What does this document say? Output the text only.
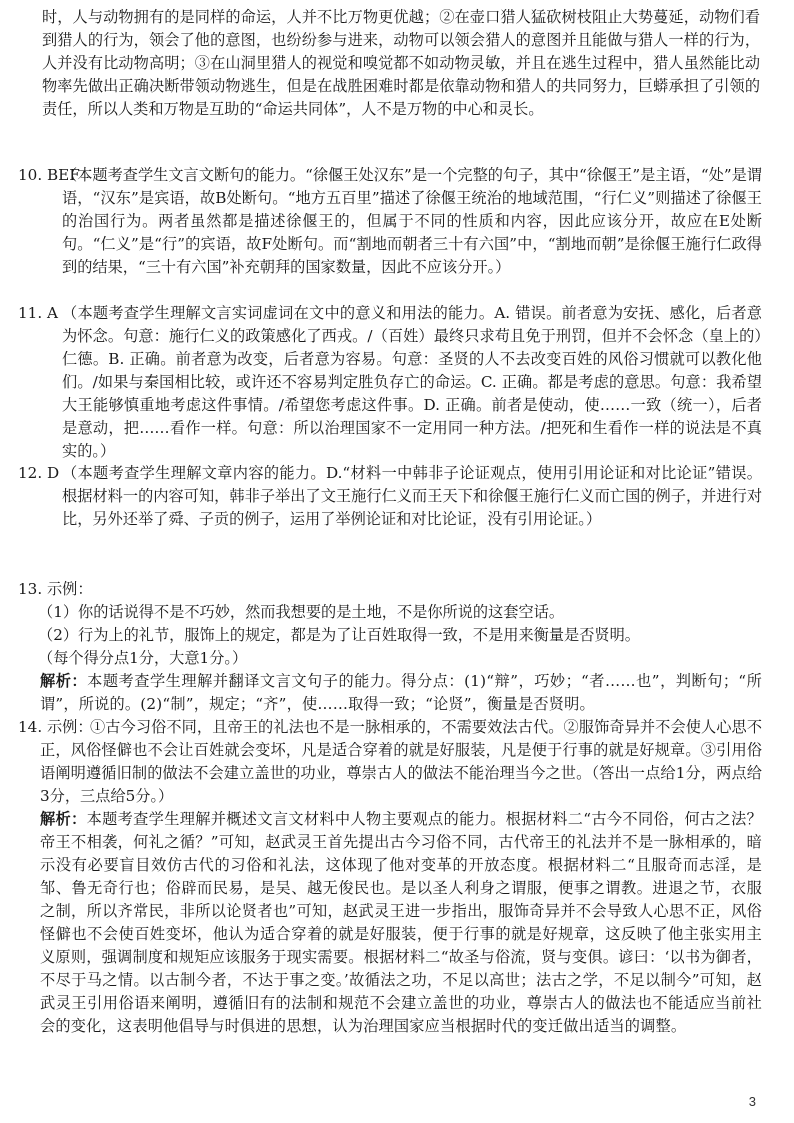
时，人与动物拥有的是同样的命运，人并不比万物更优越；②在壶口猎人猛砍树枝阻止大势蔓延，动物们看到猎人的行为，领会了他的意图，也纷纷参与进来，动物可以领会猎人的意图并且能做与猎人一样的行为，人并没有比动物高明；③在山洞里猎人的视觉和嗅觉都不如动物灵敏，并且在逃生过程中，猎人虽然能比动物率先做出正确决断带领动物逃生，但是在战胜困难时都是依靠动物和猎人的共同努力，巨蟒承担了引领的责任，所以人类和万物是互助的“命运共同体”，人不是万物的中心和灵长。
10. BEF
（本题考查学生文言文断句的能力。“徐偃王处汉东”是一个完整的句子，其中“徐偃王”是主语，“处”是谓语，“汉东”是宾语，故B处断句。“地方五百里”描述了徐偃王统治的地域范围，“行仁义”则描述了徐偃王的治国行为。两者虽然都是描述徐偃王的，但属于不同的性质和内容，因此应该分开，故应在E处断句。“仁义”是“行”的宾语，故F处断句。而“割地而朝者三十有六国”中，“割地而朝”是徐偃王施行仁政得到的结果，“三十有六国”补充朝拜的国家数量，因此不应该分开。）
11. A （本题考查学生理解文言实词虚词在文中的意义和用法的能力。A. 错误。前者意为安抚、感化，后者意为怀念。句意：施行仁义的政策感化了西戎。/（百姓）最终只求苟且免于刑罚，但并不会怀念（皇上的）仁德。B. 正确。前者意为改变，后者意为容易。句意：圣贤的人不去改变百姓的风俗习惯就可以教化他们。/如果与秦国相比较，或许还不容易判定胜负存亡的命运。C. 正确。都是考虑的意思。句意：我希望大王能够慎重地考虑这件事情。/希望您考虑这件事。D. 正确。前者是使动，使……一致（统一），后者是意动，把……看作一样。句意：所以治理国家不一定用同一种方法。/把死和生看作一样的说法是不真实的。）
12. D （本题考查学生理解文章内容的能力。D.“材料一中韩非子论证观点，使用引用论证和对比论证”错误。根据材料一的内容可知，韩非子举出了文王施行仁义而王天下和徐偃王施行仁义而亡国的例子，并进行对比，另外还举了舜、子贡的例子，运用了举例论证和对比论证，没有引用论证。）
13. 示例：
（1）你的话说得不是不巧妙，然而我想要的是土地，不是你所说的这套空话。
（2）行为上的礼节，服饰上的规定，都是为了让百姓取得一致，不是用来衡量是否贤明。
（每个得分点1分，大意1分。）
解析：本题考查学生理解并翻译文言文句子的能力。得分点：(1)“辩”，巧妙；“者……也”，判断句；“所谓”，所说的。(2)“制”，规定；“齐”，使……取得一致；“论贤”，衡量是否贤明。
14. 示例：
①古今习俗不同，且帝王的礼法也不是一脉相承的，不需要效法古代。②服饰奇异并不会使人心思不正，风俗怪僻也不会让百姓就会变坏，凡是适合穿着的就是好服装，凡是便于行事的就是好规章。③引用俗语阐明遵循旧制的做法不会建立盖世的功业，尊崇古人的做法不能治理当今之世。（答出一点给1分，两点给3分，三点给5分。）
解析：本题考查学生理解并概述文言文材料中人物主要观点的能力。根据材料二“古今不同俗，何古之法？帝王不相袭，何礼之循？”可知，赵武灵王首先提出古今习俗不同，古代帝王的礼法并不是一脉相承的，暗示没有必要盲目效仿古代的习俗和礼法，这体现了他对变革的开放态度。根据材料二“且服奇而志淫，是邹、鲁无奇行也；俗辟而民易，是吴、越无俊民也。是以圣人利身之谓服，便事之谓教。进退之节，衣服之制，所以齐常民，非所以论贤者也”可知，赵武灵王进一步指出，服饰奇异并不会导致人心思不正，风俗怪僻也不会使百姓变坏，他认为适合穿着的就是好服装，便于行事的就是好规章，这反映了他主张实用主义原则，强调制度和规矩应该服务于现实需要。根据材料二“故圣与俗流，贤与变俱。谚曰：‘以书为御者，不尽于马之情。以古制今者，不达于事之变。’故循法之功，不足以高世；法古之学，不足以制今”可知，赵武灵王引用俗语来阐明，遵循旧有的法制和规范不会建立盖世的功业，尊崇古人的做法也不能适应当前社会的变化，这表明他倡导与时俱进的思想，认为治理国家应当根据时代的变迁做出适当的调整。
3
